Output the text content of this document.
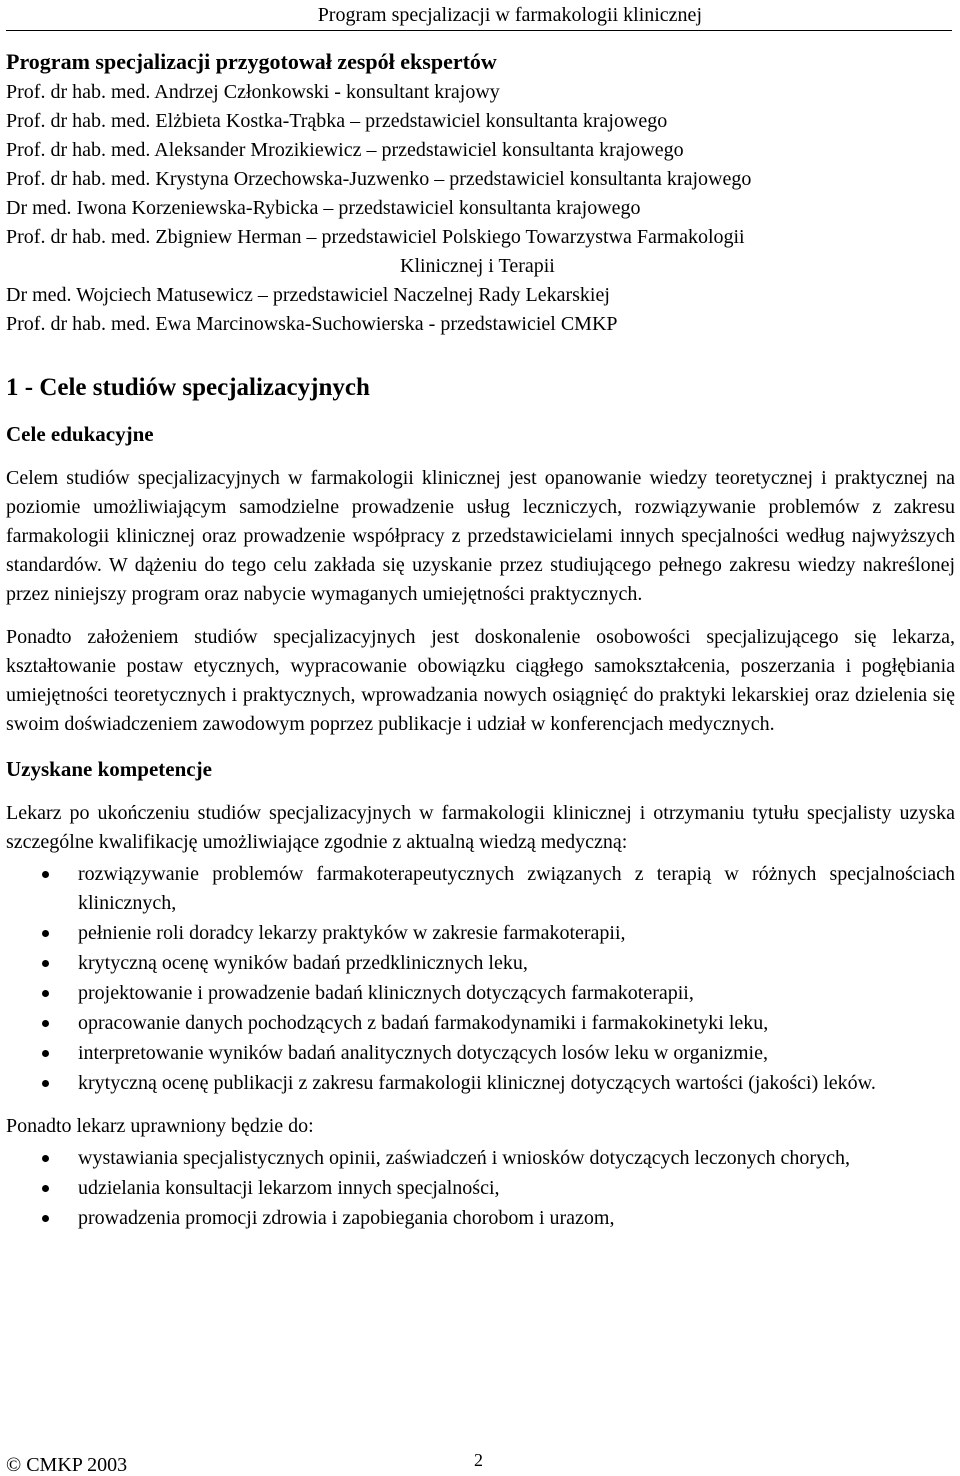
Program specjalizacji w farmakologii klinicznej
Program specjalizacji przygotował zespół ekspertów
Prof. dr hab. med. Andrzej Członkowski - konsultant krajowy
Prof. dr hab. med. Elżbieta Kostka-Trąbka – przedstawiciel konsultanta krajowego
Prof. dr hab. med. Aleksander Mrozikiewicz – przedstawiciel konsultanta krajowego
Prof. dr hab. med. Krystyna Orzechowska-Juzwenko – przedstawiciel konsultanta krajowego
Dr med. Iwona Korzeniewska-Rybicka – przedstawiciel konsultanta krajowego
Prof. dr hab. med. Zbigniew Herman – przedstawiciel Polskiego Towarzystwa Farmakologii
Klinicznej i Terapii
Dr med. Wojciech Matusewicz – przedstawiciel Naczelnej Rady Lekarskiej
Prof. dr hab. med. Ewa Marcinowska-Suchowierska - przedstawiciel CMKP
1 - Cele studiów specjalizacyjnych
Cele edukacyjne

Celem studiów specjalizacyjnych w farmakologii klinicznej jest opanowanie wiedzy teoretycznej i praktycznej na poziomie umożliwiającym samodzielne prowadzenie usług leczniczych, rozwiązywanie problemów z zakresu farmakologii klinicznej oraz prowadzenie współpracy z przedstawicielami innych specjalności według najwyższych standardów. W dążeniu do tego celu zakłada się uzyskanie przez studiującego pełnego zakresu wiedzy nakreślonej przez niniejszy program oraz nabycie wymaganych umiejętności praktycznych.

Ponadto założeniem studiów specjalizacyjnych jest doskonalenie osobowości specjalizującego się lekarza, kształtowanie postaw etycznych, wypracowanie obowiązku ciągłego samokształcenia, poszerzania i pogłębiania umiejętności teoretycznych i praktycznych, wprowadzania nowych osiągnięć do praktyki lekarskiej oraz dzielenia się swoim doświadczeniem zawodowym poprzez publikacje i udział w konferencjach medycznych.

Uzyskane kompetencje

Lekarz po ukończeniu studiów specjalizacyjnych w farmakologii klinicznej i otrzymaniu tytułu specjalisty uzyska szczególne kwalifikację umożliwiające zgodnie z aktualną wiedzą medyczną:

rozwiązywanie problemów farmakoterapeutycznych związanych z terapią w różnych specjalnościach klinicznych,
pełnienie roli doradcy lekarzy praktyków w zakresie farmakoterapii,
krytyczną ocenę wyników badań przedklinicznych leku,
projektowanie i prowadzenie badań klinicznych dotyczących farmakoterapii,
opracowanie danych pochodzących z badań farmakodynamiki i farmakokinetyki leku,
interpretowanie wyników badań analitycznych dotyczących losów leku w organizmie,
krytyczną ocenę publikacji z zakresu farmakologii klinicznej dotyczących wartości (jakości) leków.

Ponadto lekarz uprawniony będzie do:

wystawiania specjalistycznych opinii, zaświadczeń i wniosków dotyczących leczonych chorych,
udzielania konsultacji lekarzom innych specjalności,
prowadzenia promocji zdrowia i zapobiegania chorobom i urazom,
© CMKP 2003	2
